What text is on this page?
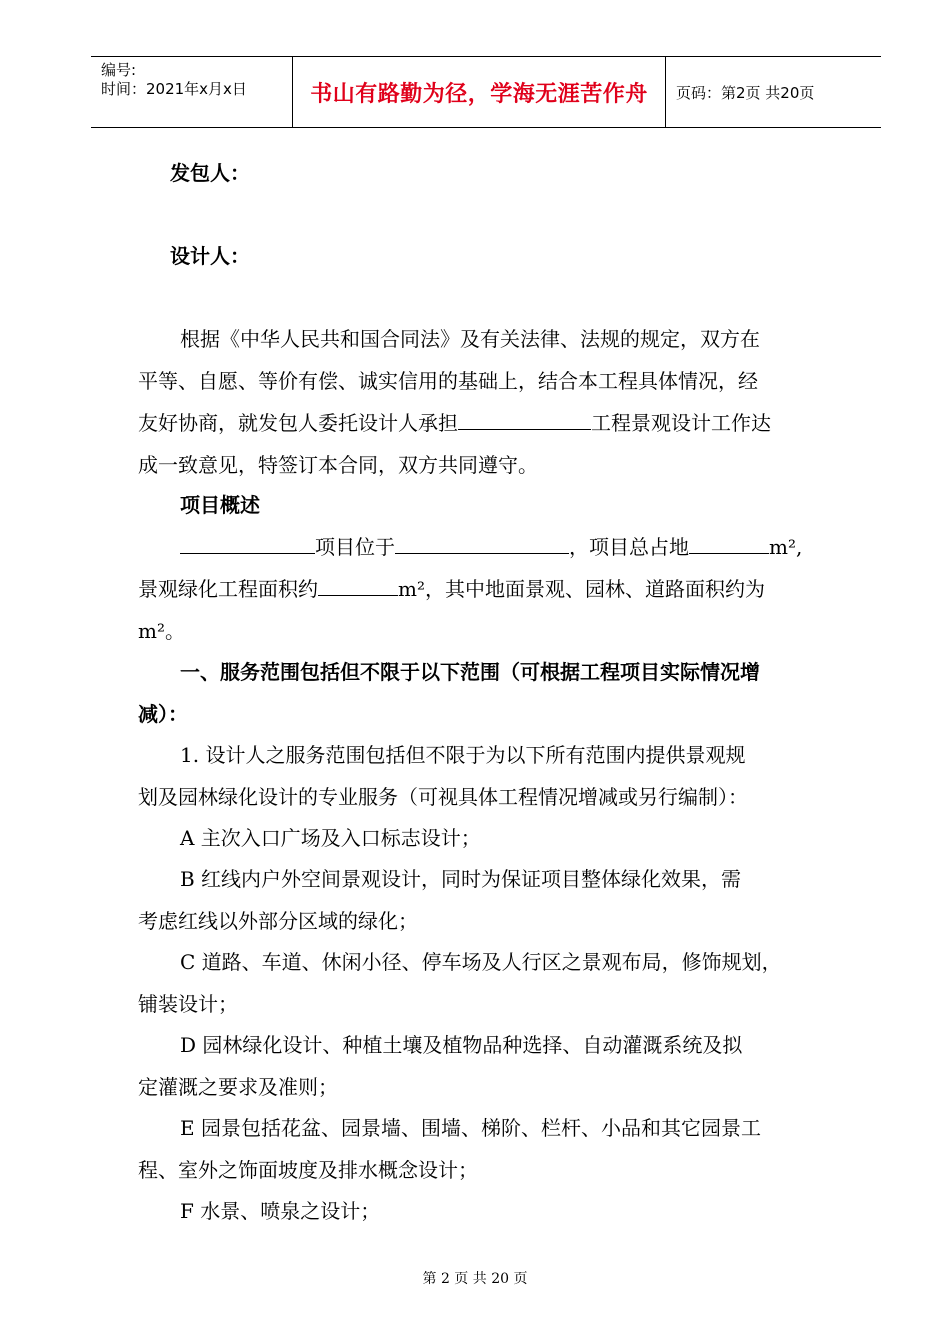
编号:
时间：2021年x月x日	书山有路勤为径，学海无涯苦作舟	页码：第2页 共20页
发包人：
设计人：
根据《中华人民共和国合同法》及有关法律、法规的规定，双方在
平等、自愿、等价有偿、诚实信用的基础上，结合本工程具体情况，经
友好协商，就发包人委托设计人承担	工程景观设计工作达
成一致意见，特签订本合同，双方共同遵守。
项目概述
项目位于	，项目总占地	m²,
景观绿化工程面积约	m²，其中地面景观、园林、道路面积约为
m²。
一、服务范围包括但不限于以下范围（可根据工程项目实际情况增
减）：
1. 设计人之服务范围包括但不限于为以下所有范围内提供景观规
划及园林绿化设计的专业服务（可视具体工程情况增减或另行编制）：
A 主次入口广场及入口标志设计；
B 红线内户外空间景观设计，同时为保证项目整体绿化效果，需
考虑红线以外部分区域的绿化；
C 道路、车道、休闲小径、停车场及人行区之景观布局，修饰规划，
铺装设计；
D 园林绿化设计、种植土壤及植物品种选择、自动灌溉系统及拟
定灌溉之要求及准则；
E 园景包括花盆、园景墙、围墙、梯阶、栏杆、小品和其它园景工
程、室外之饰面坡度及排水概念设计；
F 水景、喷泉之设计；
第 2 页 共 20 页
